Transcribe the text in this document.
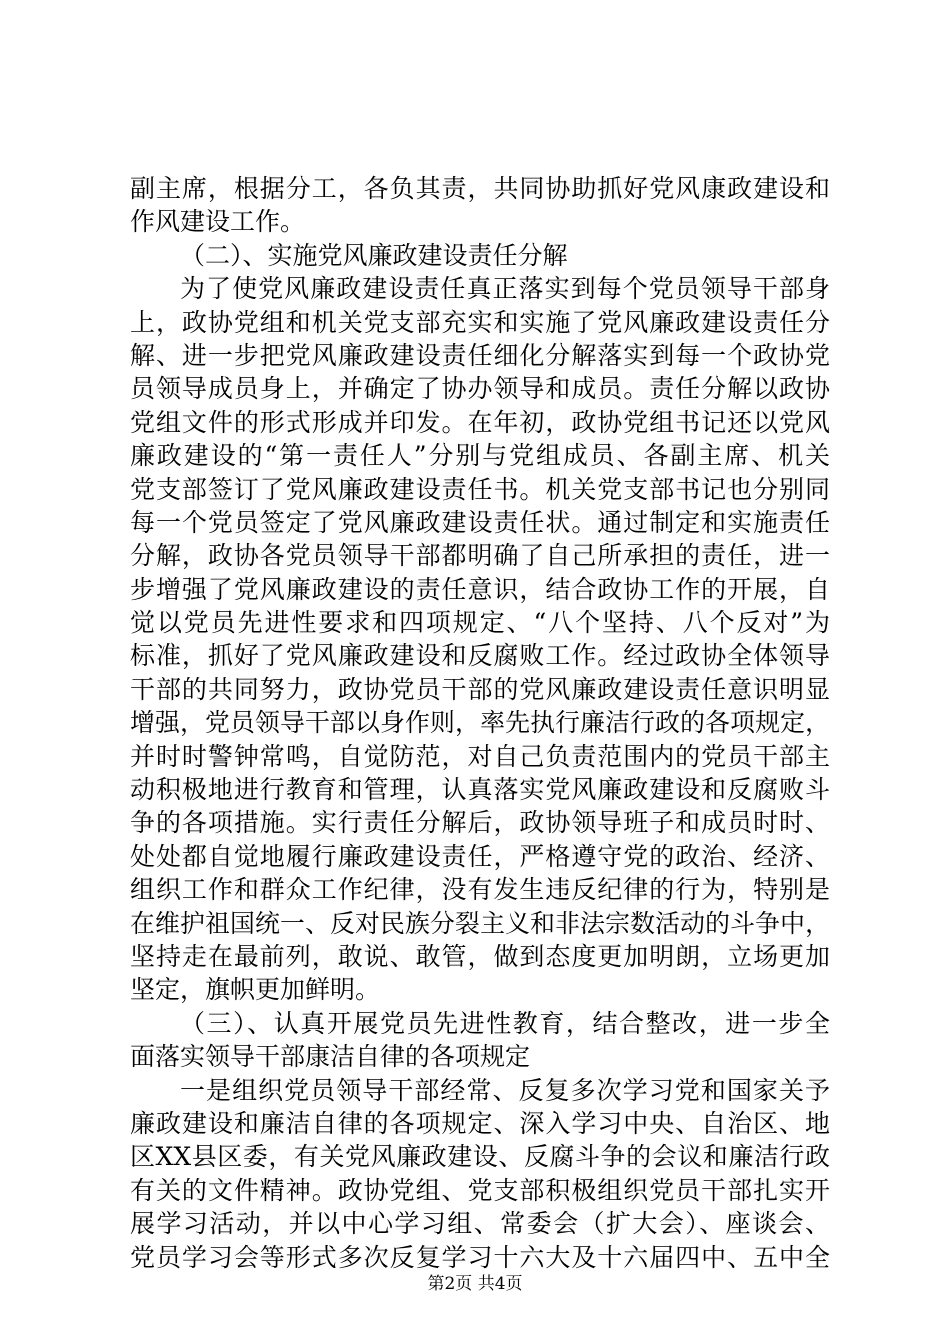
副主席，根据分工，各负其责，共同协助抓好党风康政建设和
作风建设工作。
（二）、实施党风廉政建设责任分解
为了使党风廉政建设责任真正落实到每个党员领导干部身
上，政协党组和机关党支部充实和实施了党风廉政建设责任分
解、进一步把党风廉政建设责任细化分解落实到每一个政协党
员领导成员身上，并确定了协办领导和成员。责任分解以政协
党组文件的形式形成并印发。在年初，政协党组书记还以党风
廉政建设的“第一责任人”分别与党组成员、各副主席、机关
党支部签订了党风廉政建设责任书。机关党支部书记也分别同
每一个党员签定了党风廉政建设责任状。通过制定和实施责任
分解，政协各党员领导干部都明确了自己所承担的责任，进一
步增强了党风廉政建设的责任意识，结合政协工作的开展，自
觉以党员先进性要求和四项规定、“八个坚持、八个反对”为
标准，抓好了党风廉政建设和反腐败工作。经过政协全体领导
干部的共同努力，政协党员干部的党风廉政建设责任意识明显
增强，党员领导干部以身作则，率先执行廉洁行政的各项规定，
并时时警钟常鸣，自觉防范，对自己负责范围内的党员干部主
动积极地进行教育和管理，认真落实党风廉政建设和反腐败斗
争的各项措施。实行责任分解后，政协领导班子和成员时时、
处处都自觉地履行廉政建设责任，严格遵守党的政治、经济、
组织工作和群众工作纪律，没有发生违反纪律的行为，特别是
在维护祖国统一、反对民族分裂主义和非法宗数活动的斗争中，
坚持走在最前列，敢说、敢管，做到态度更加明朗，立场更加
坚定，旗帜更加鲜明。
（三）、认真开展党员先进性教育，结合整改，进一步全
面落实领导干部康洁自律的各项规定
一是组织党员领导干部经常、反复多次学习党和国家关予
廉政建设和廉洁自律的各项规定、深入学习中央、自治区、地
区XX县区委，有关党风廉政建设、反腐斗争的会议和廉洁行政
有关的文件精神。政协党组、党支部积极组织党员干部扎实开
展学习活动，并以中心学习组、常委会（扩大会）、座谈会、
党员学习会等形式多次反复学习十六大及十六届四中、五中全
第2页 共4页
